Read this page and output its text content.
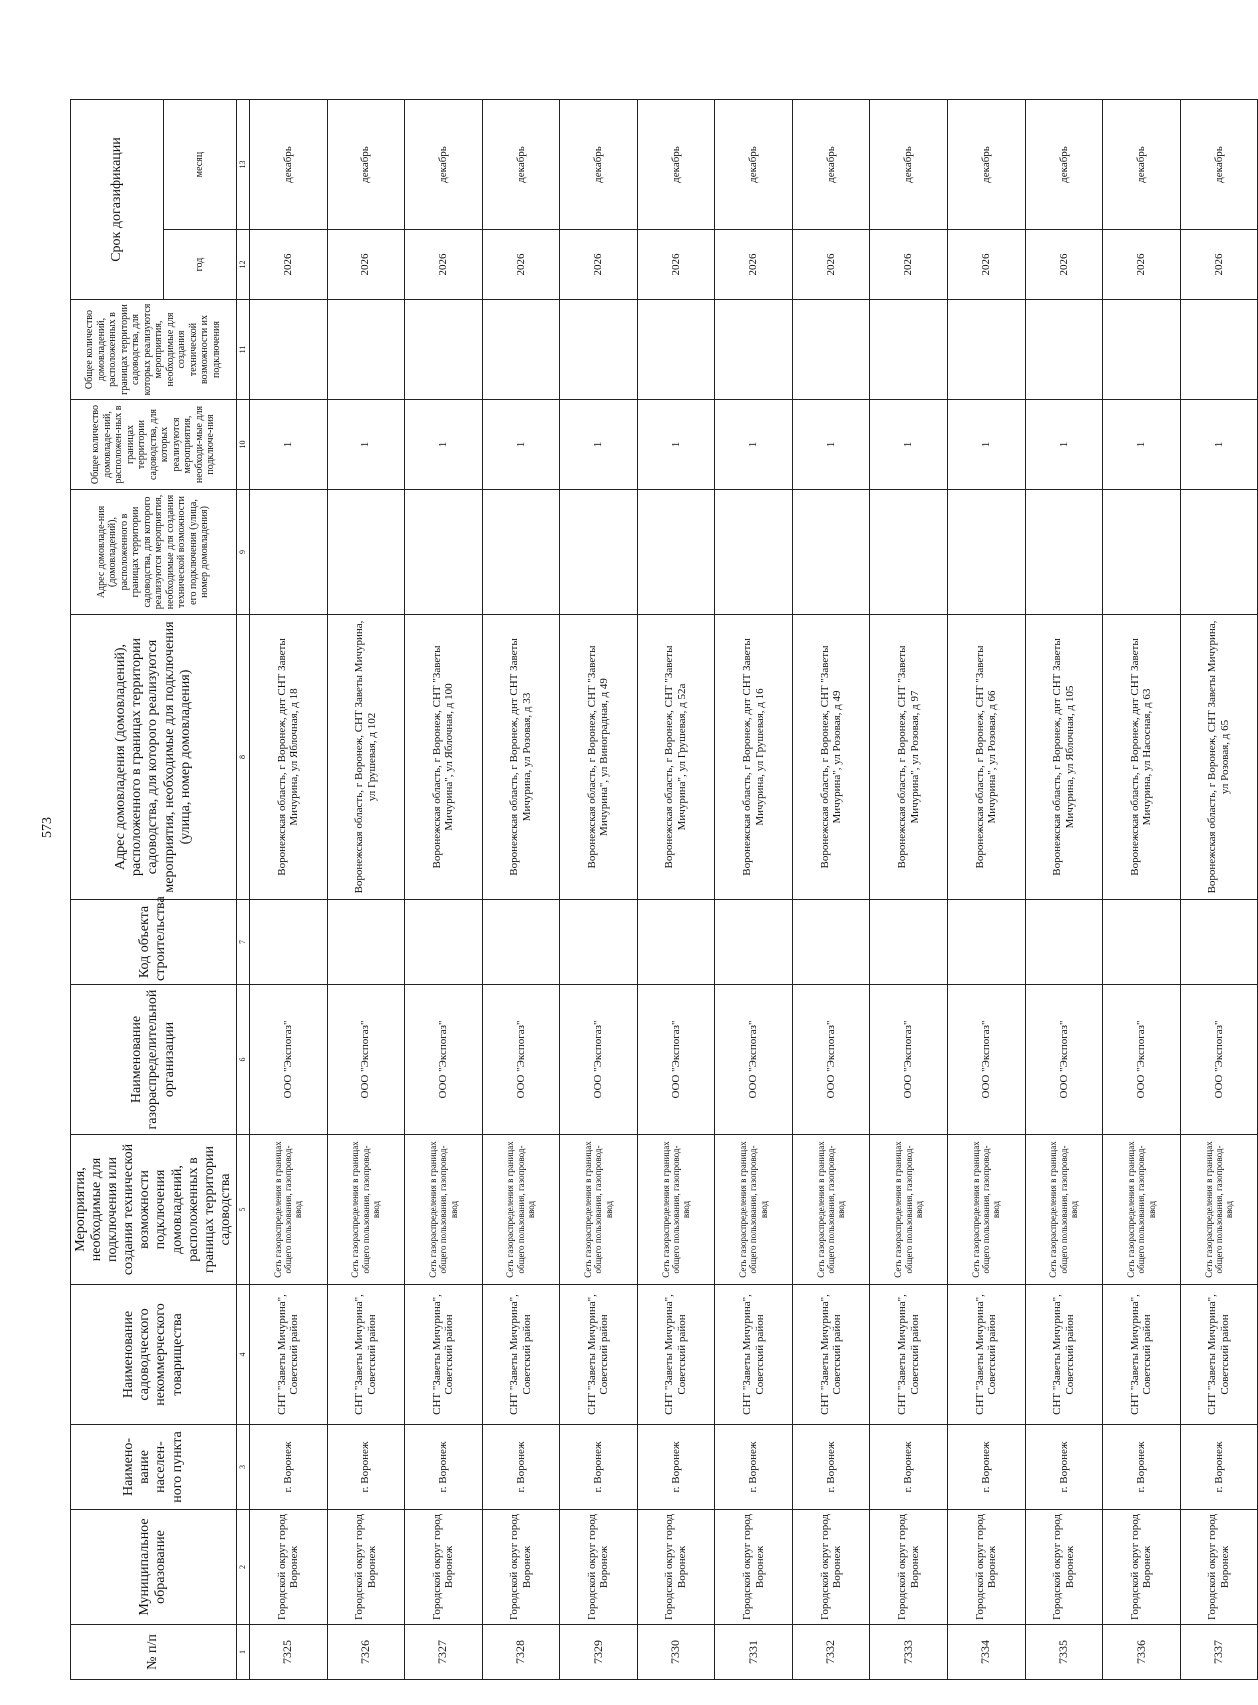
573
№ п/п	Муниципальное образование	Наимено-вание населен-ного пункта	Наименование садоводческого некоммерческого товарищества	Мероприятия, необходимые для подключения или создания технической возможности подключения домовладений, расположенных в границах территории садоводства	Наименование газораспределительной организации	Код объекта строительства	Адрес домовладения (домовладений), расположенного в границах территории садоводства, для которого реализуются мероприятия, необходимые для подключения (улица, номер домовладения)	Адрес домовладе-ния (домовладений), расположенного в границах территории садоводства, для которого реализуются мероприятия, необходимые для создания технической возможности его подключения (улица, номер домовладения)	Общее количество домовладе-ний, расположен-ных в границах территории садоводства, для которых реализуются мероприятия, необходи-мые для подключе-ния	Общее количество домовладений, расположенных в границах территории садоводства, для которых реализуются мероприятия, необходимые для создания технической возможности их подключения	Срок догазификации	
											год	месяц
1	2	3	4	5	6	7	8	9	10	11	12	13
7325	Городской округ город Воронеж	г. Воронеж	СНТ "Заветы Мичурина", Советский район	Сеть газораспределения в границах общего пользования, газопровод-ввод	ООО "Экспогаз"		Воронежская область, г Воронеж, днт СНТ Заветы Мичурина, ул Яблочная, д 18		1		2026	декабрь
7326	Городской округ город Воронеж	г. Воронеж	СНТ "Заветы Мичурина", Советский район	Сеть газораспределения в границах общего пользования, газопровод-ввод	ООО "Экспогаз"		Воронежская область, г Воронеж, СНТ Заветы Мичурина, ул Грушевая, д 102		1		2026	декабрь
7327	Городской округ город Воронеж	г. Воронеж	СНТ "Заветы Мичурина", Советский район	Сеть газораспределения в границах общего пользования, газопровод-ввод	ООО "Экспогаз"		Воронежская область, г Воронеж, СНТ "Заветы Мичурина", ул Яблочная, д 100		1		2026	декабрь
7328	Городской округ город Воронеж	г. Воронеж	СНТ "Заветы Мичурина", Советский район	Сеть газораспределения в границах общего пользования, газопровод-ввод	ООО "Экспогаз"		Воронежская область, г Воронеж, днт СНТ Заветы Мичурина, ул Розовая, д 33		1		2026	декабрь
7329	Городской округ город Воронеж	г. Воронеж	СНТ "Заветы Мичурина", Советский район	Сеть газораспределения в границах общего пользования, газопровод-ввод	ООО "Экспогаз"		Воронежская область, г Воронеж, СНТ "Заветы Мичурина", ул Виноградная, д 49		1		2026	декабрь
7330	Городской округ город Воронеж	г. Воронеж	СНТ "Заветы Мичурина", Советский район	Сеть газораспределения в границах общего пользования, газопровод-ввод	ООО "Экспогаз"		Воронежская область, г Воронеж, СНТ "Заветы Мичурина", ул Грушевая, д 52а		1		2026	декабрь
7331	Городской округ город Воронеж	г. Воронеж	СНТ "Заветы Мичурина", Советский район	Сеть газораспределения в границах общего пользования, газопровод-ввод	ООО "Экспогаз"		Воронежская область, г Воронеж, днт СНТ Заветы Мичурина, ул Грушевая, д 16		1		2026	декабрь
7332	Городской округ город Воронеж	г. Воронеж	СНТ "Заветы Мичурина", Советский район	Сеть газораспределения в границах общего пользования, газопровод-ввод	ООО "Экспогаз"		Воронежская область, г Воронеж, СНТ "Заветы Мичурина", ул Розовая, д 49		1		2026	декабрь
7333	Городской округ город Воронеж	г. Воронеж	СНТ "Заветы Мичурина", Советский район	Сеть газораспределения в границах общего пользования, газопровод-ввод	ООО "Экспогаз"		Воронежская область, г Воронеж, СНТ "Заветы Мичурина", ул Розовая, д 97		1		2026	декабрь
7334	Городской округ город Воронеж	г. Воронеж	СНТ "Заветы Мичурина", Советский район	Сеть газораспределения в границах общего пользования, газопровод-ввод	ООО "Экспогаз"		Воронежская область, г Воронеж, СНТ "Заветы Мичурина", ул Розовая, д 66		1		2026	декабрь
7335	Городской округ город Воронеж	г. Воронеж	СНТ "Заветы Мичурина", Советский район	Сеть газораспределения в границах общего пользования, газопровод-ввод	ООО "Экспогаз"		Воронежская область, г Воронеж, днт СНТ Заветы Мичурина, ул Яблочная, д 105		1		2026	декабрь
7336	Городской округ город Воронеж	г. Воронеж	СНТ "Заветы Мичурина", Советский район	Сеть газораспределения в границах общего пользования, газопровод-ввод	ООО "Экспогаз"		Воронежская область, г Воронеж, днт СНТ Заветы Мичурина, ул Насосная, д 63		1		2026	декабрь
7337	Городской округ город Воронеж	г. Воронеж	СНТ "Заветы Мичурина", Советский район	Сеть газораспределения в границах общего пользования, газопровод-ввод	ООО "Экспогаз"		Воронежская область, г Воронеж, СНТ Заветы Мичурина, ул Розовая, д 65		1		2026	декабрь
